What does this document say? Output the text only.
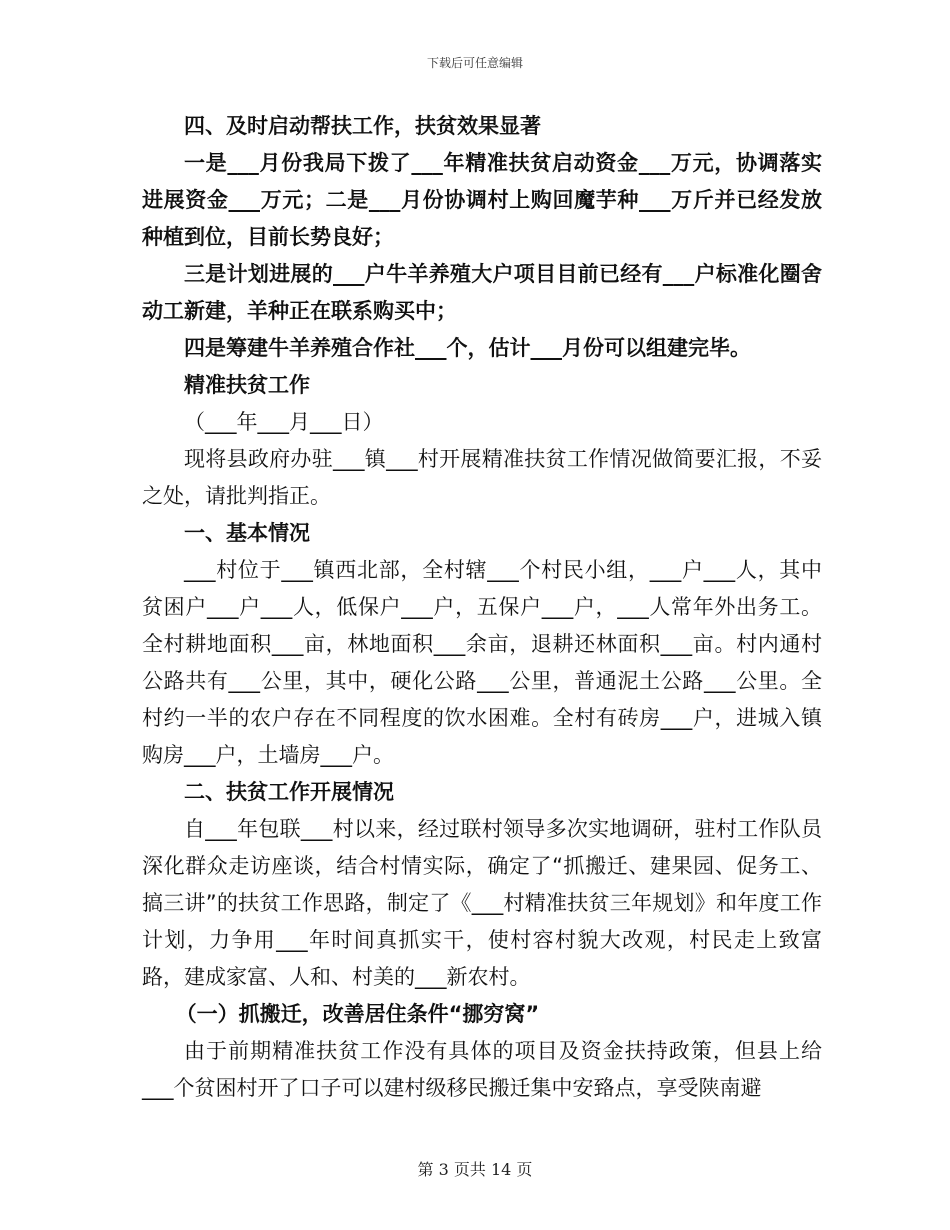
下载后可任意编辑

四、及时启动帮扶工作，扶贫效果显著

一是___月份我局下拨了___年精准扶贫启动资金___万元，协调落实进展资金___万元；二是___月份协调村上购回魔芋种___万斤并已经发放种植到位，目前长势良好；

三是计划进展的___户牛羊养殖大户项目目前已经有___户标准化圈舍动工新建，羊种正在联系购买中；

四是筹建牛羊养殖合作社___个，估计___月份可以组建完毕。

精准扶贫工作

（___年___月___日）

现将县政府办驻___镇___村开展精准扶贫工作情况做简要汇报，不妥之处，请批判指正。

一、基本情况

___村位于___镇西北部，全村辖___个村民小组，___户___人，其中贫困户___户___人，低保户___户，五保户___户，___人常年外出务工。全村耕地面积___亩，林地面积___余亩，退耕还林面积___亩。村内通村公路共有___公里，其中，硬化公路___公里，普通泥土公路___公里。全村约一半的农户存在不同程度的饮水困难。全村有砖房___户，进城入镇购房___户，土墙房___户。

二、扶贫工作开展情况

自___年包联___村以来，经过联村领导多次实地调研，驻村工作队员深化群众走访座谈，结合村情实际，确定了“抓搬迁、建果园、促务工、搞三讲”的扶贫工作思路，制定了《___村精准扶贫三年规划》和年度工作计划，力争用___年时间真抓实干，使村容村貌大改观，村民走上致富路，建成家富、人和、村美的___新农村。

（一）抓搬迁，改善居住条件“挪穷窝”

由于前期精准扶贫工作没有具体的项目及资金扶持政策，但县上给___个贫困村开了口子可以建村级移民搬迁集中安臵点，享受陕南避

第 3 页共 14 页
